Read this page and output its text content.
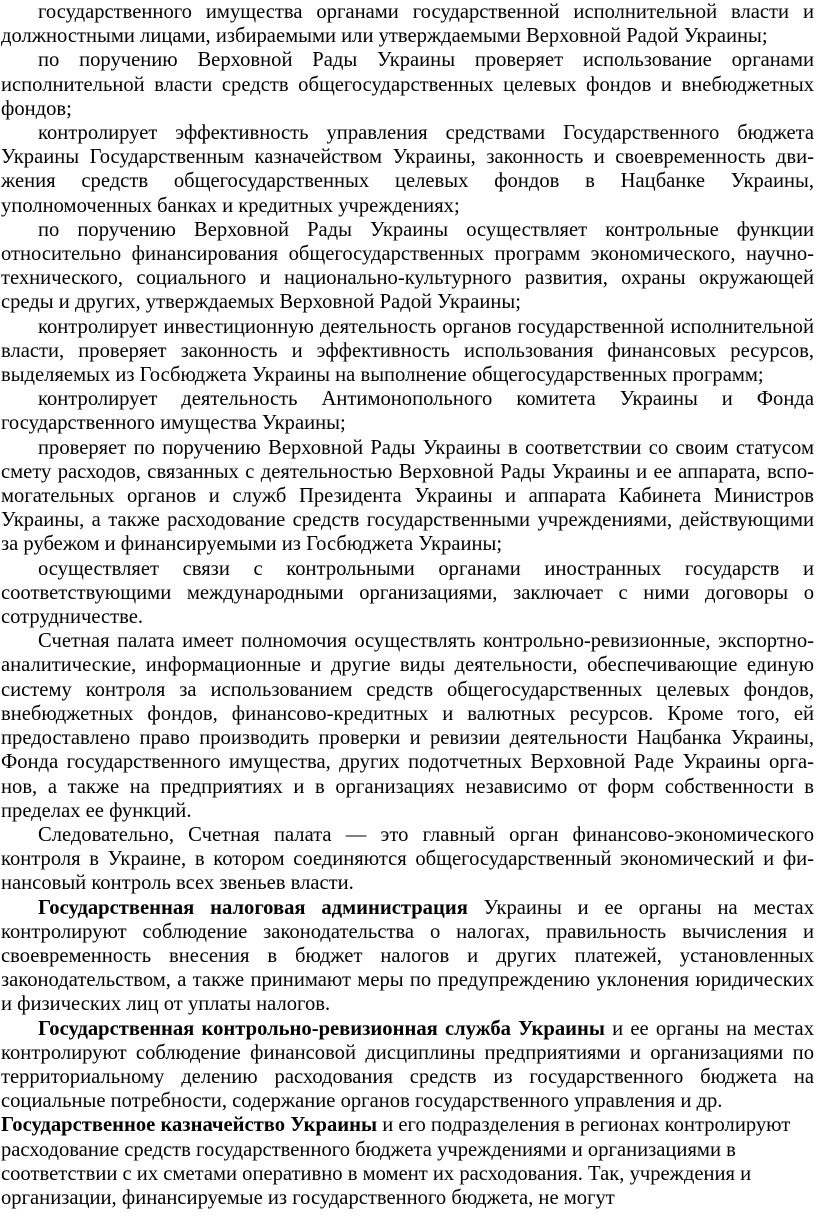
государственного имущества органами государственной исполнительной власти и должностными лицами, избираемыми или утверждаемыми Верховной Радой Украины;

по поручению Верховной Рады Украины проверяет использование органами исполнительной власти средств общегосударственных целевых фондов и внебюджетных фондов;

контролирует эффективность управления средствами Государственного бюджета Украины Государственным казначейством Украины, законность и своевременность движения средств общегосударственных целевых фондов в Нацбанке Украины, уполномоченных банках и кредитных учреждениях;

по поручению Верховной Рады Украины осуществляет контрольные функции относительно финансирования общегосударственных программ экономического, научно-технического, социального и национально-культурного развития, охраны окружающей среды и других, утверждаемых Верховной Радой Украины;

контролирует инвестиционную деятельность органов государственной исполнительной власти, проверяет законность и эффективность использования финансовых ресурсов, выделяемых из Госбюджета Украины на выполнение общегосударственных программ;

контролирует деятельность Антимонопольного комитета Украины и Фонда государственного имущества Украины;

проверяет по поручению Верховной Рады Украины в соответствии со своим статусом смету расходов, связанных с деятельностью Верховной Рады Украины и ее аппарата, вспомогательных органов и служб Президента Украины и аппарата Кабинета Министров Украины, а также расходование средств государственными учреждениями, действующими за рубежом и финансируемыми из Госбюджета Украины;

осуществляет связи с контрольными органами иностранных государств и соответствующими международными организациями, заключает с ними договоры о сотрудничестве.

Счетная палата имеет полномочия осуществлять контрольно-ревизионные, экспортно-аналитические, информационные и другие виды деятельности, обеспечивающие единую систему контроля за использованием средств общегосударственных целевых фондов, внебюджетных фондов, финансово-кредитных и валютных ресурсов. Кроме того, ей предоставлено право производить проверки и ревизии деятельности Нацбанка Украины, Фонда государственного имущества, других подотчетных Верховной Раде Украины органов, а также на предприятиях и в организациях независимо от форм собственности в пределах ее функций.

Следовательно, Счетная палата — это главный орган финансово-экономического контроля в Украине, в котором соединяются общегосударственный экономический и финансовый контроль всех звеньев власти.

Государственная налоговая администрация Украины и ее органы на местах контролируют соблюдение законодательства о налогах, правильность вычисления и своевременность внесения в бюджет налогов и других платежей, установленных законодательством, а также принимают меры по предупреждению уклонения юридических и физических лиц от уплаты налогов.

Государственная контрольно-ревизионная служба Украины и ее органы на местах контролируют соблюдение финансовой дисциплины предприятиями и организациями по территориальному делению расходования средств из государственного бюджета на социальные потребности, содержание органов государственного управления и др.

Государственное казначейство Украины и его подразделения в регионах контролируют расходование средств государственного бюджета учреждениями и организациями в соответствии с их сметами оперативно в момент их расходования. Так, учреждения и организации, финансируемые из государственного бюджета, не могут
